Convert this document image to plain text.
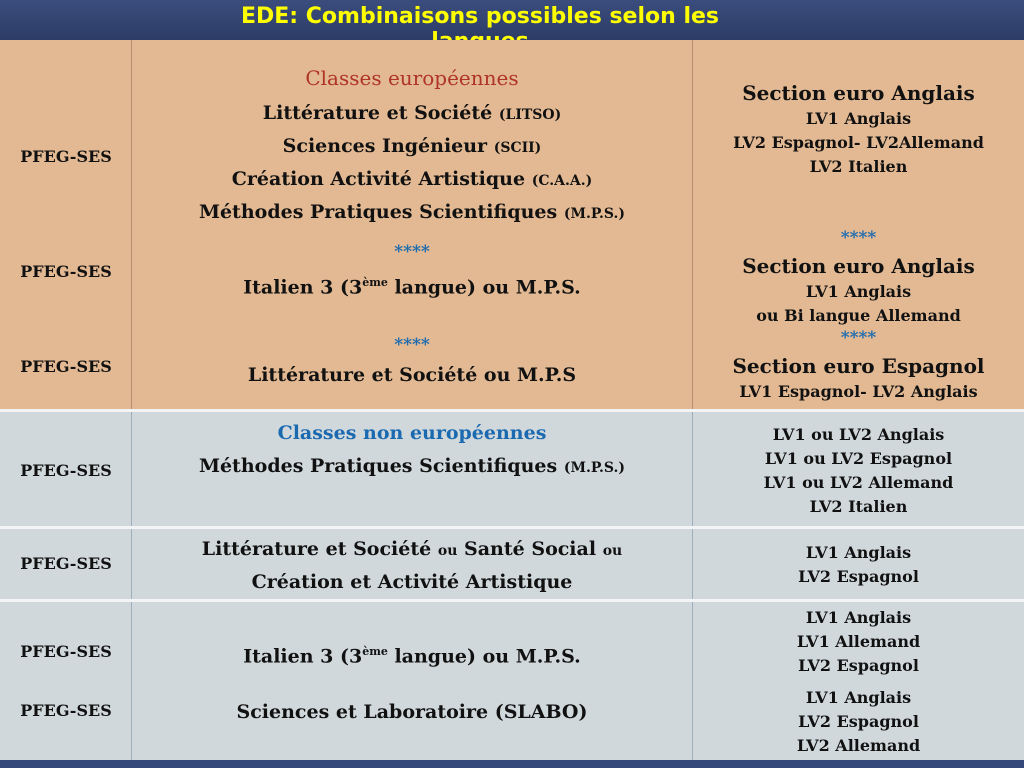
EDE: Combinaisons possibles selon les
PFEG-SES
PFEG-SES
PFEG-SES
PFEG-SES
PFEG-SES
PFEG-SES
PFEG-SES
Classes européennes
Littérature et Société (LITSO)
Sciences Ingénieur (SCII)
Création Activité Artistique (C.A.A.)
Méthodes Pratiques Scientifiques (M.P.S.)
****
Italien 3 (3ème langue) ou M.P.S.
****
Littérature et Société ou M.P.S
Section euro Anglais
LV1 Anglais
LV2 Espagnol- LV2Allemand
LV2 Italien
****
Section euro Anglais
LV1 Anglais
ou Bi langue Allemand
****
Section euro Espagnol
LV1 Espagnol- LV2 Anglais
Classes non européennes
Méthodes Pratiques Scientifiques (M.P.S.)
Littérature et Société ou Santé Social ou
Création et Activité Artistique
Italien 3 (3ème langue) ou M.P.S.
Sciences et Laboratoire (SLABO)
LV1 ou LV2 Anglais
LV1 ou LV2 Espagnol
LV1 ou LV2 Allemand
LV2 Italien
LV1 Anglais
LV2 Espagnol
LV1 Anglais
LV1 Allemand
LV2 Espagnol
LV1 Anglais
LV2 Espagnol
LV2 Allemand
